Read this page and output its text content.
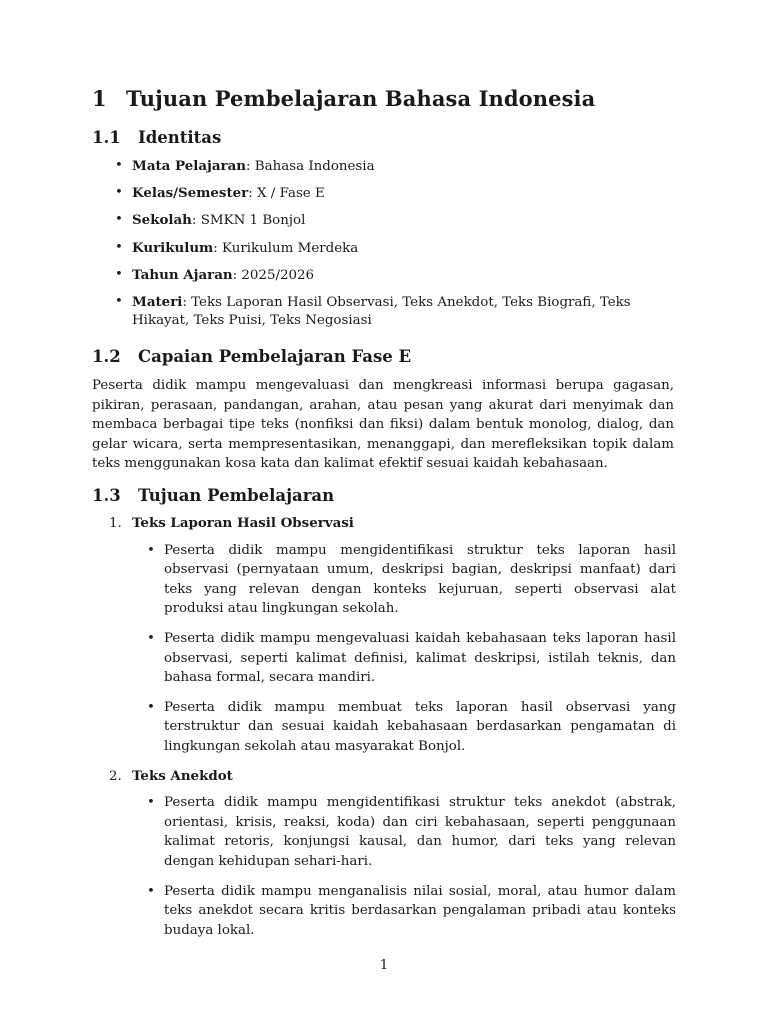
1 Tujuan Pembelajaran Bahasa Indonesia
1.1 Identitas
• Mata Pelajaran: Bahasa Indonesia
• Kelas/Semester: X / Fase E
• Sekolah: SMKN 1 Bonjol
• Kurikulum: Kurikulum Merdeka
• Tahun Ajaran: 2025/2026
• Materi: Teks Laporan Hasil Observasi, Teks Anekdot, Teks Biografi, Teks Hikayat, Teks Puisi, Teks Negosiasi
1.2 Capaian Pembelajaran Fase E

Peserta didik mampu mengevaluasi dan mengkreasi informasi berupa gagasan, pikiran, perasaan, pandangan, arahan, atau pesan yang akurat dari menyimak dan membaca berbagai tipe teks (nonfiksi dan fiksi) dalam bentuk monolog, dialog, dan gelar wicara, serta mempresentasikan, menanggapi, dan merefleksikan topik dalam teks menggunakan kosa kata dan kalimat efektif sesuai kaidah kebahasaan.

1.3 Tujuan Pembelajaran
1. Teks Laporan Hasil Observasi
• Peserta didik mampu mengidentifikasi struktur teks laporan hasil observasi (pernyataan umum, deskripsi bagian, deskripsi manfaat) dari teks yang relevan dengan konteks kejuruan, seperti observasi alat produksi atau lingkungan sekolah.
• Peserta didik mampu mengevaluasi kaidah kebahasaan teks laporan hasil observasi, seperti kalimat definisi, kalimat deskripsi, istilah teknis, dan bahasa formal, secara mandiri.
• Peserta didik mampu membuat teks laporan hasil observasi yang terstruktur dan sesuai kaidah kebahasaan berdasarkan pengamatan di lingkungan sekolah atau masyarakat Bonjol.
2. Teks Anekdot
• Peserta didik mampu mengidentifikasi struktur teks anekdot (abstrak, orientasi, krisis, reaksi, koda) dan ciri kebahasaan, seperti penggunaan kalimat retoris, konjungsi kausal, dan humor, dari teks yang relevan dengan kehidupan sehari-hari.
• Peserta didik mampu menganalisis nilai sosial, moral, atau humor dalam teks anekdot secara kritis berdasarkan pengalaman pribadi atau konteks budaya lokal.
1
